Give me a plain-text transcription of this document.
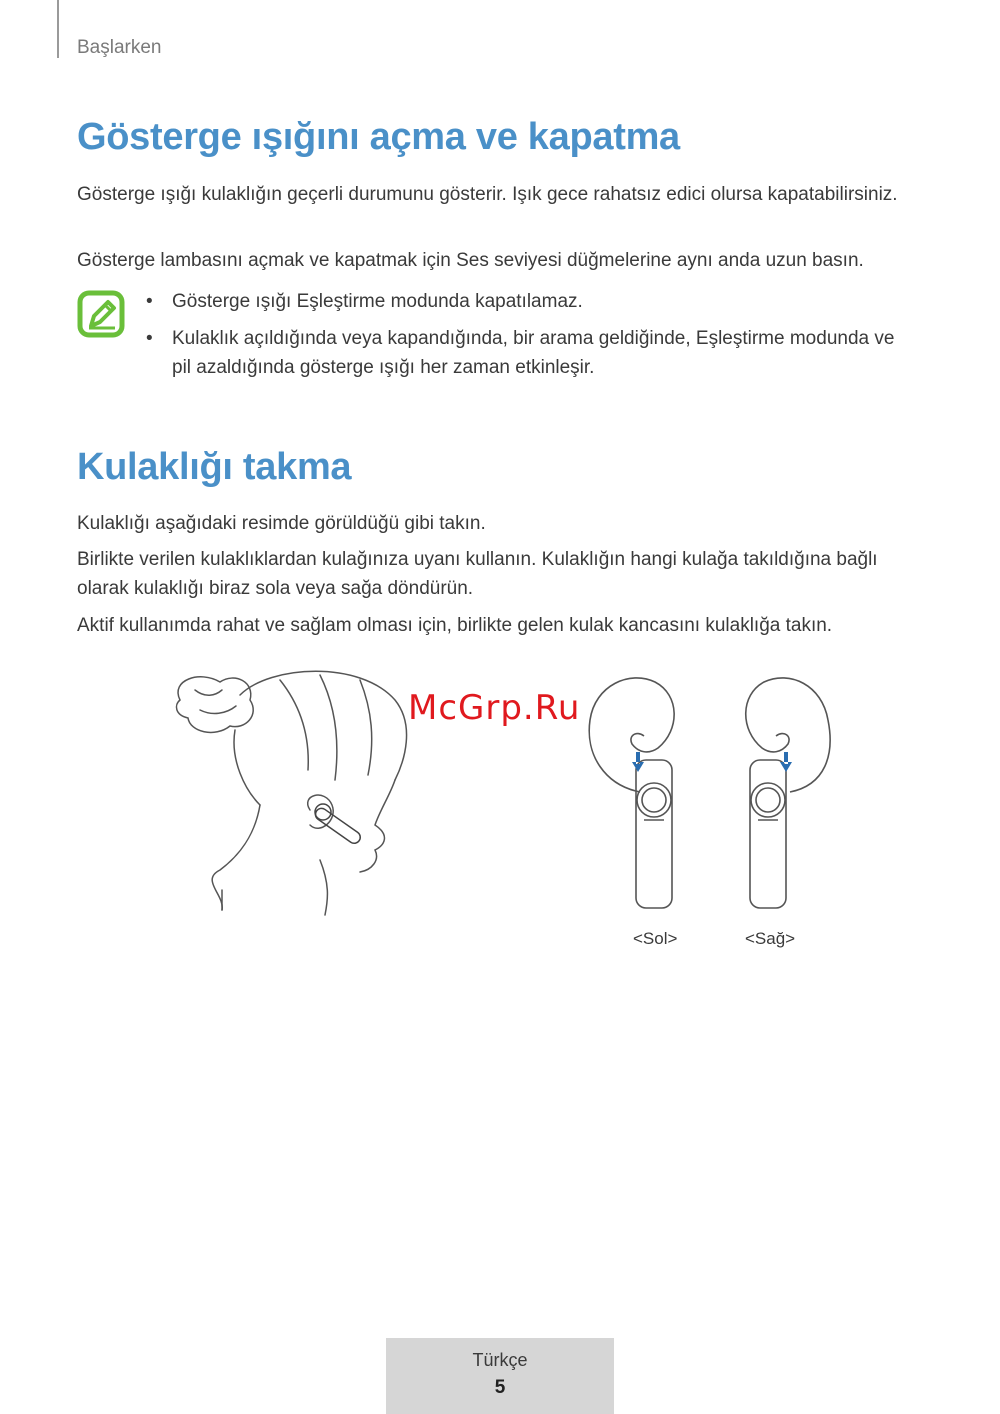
Başlarken
Gösterge ışığını açma ve kapatma

Gösterge ışığı kulaklığın geçerli durumunu gösterir. Işık gece rahatsız edici olursa kapatabilirsiniz.

Gösterge lambasını açmak ve kapatmak için Ses seviyesi düğmelerine aynı anda uzun basın.

• Gösterge ışığı Eşleştirme modunda kapatılamaz.
• Kulaklık açıldığında veya kapandığında, bir arama geldiğinde, Eşleştirme modunda ve pil azaldığında gösterge ışığı her zaman etkinleşir.
Kulaklığı takma

Kulaklığı aşağıdaki resimde görüldüğü gibi takın.

Birlikte verilen kulaklıklardan kulağınıza uyanı kullanın. Kulaklığın hangi kulağa takıldığına bağlı olarak kulaklığı biraz sola veya sağa döndürün.

Aktif kullanımda rahat ve sağlam olması için, birlikte gelen kulak kancasını kulaklığa takın.

McGrp.Ru
<Sol>	<Sağ>
Türkçe
5
